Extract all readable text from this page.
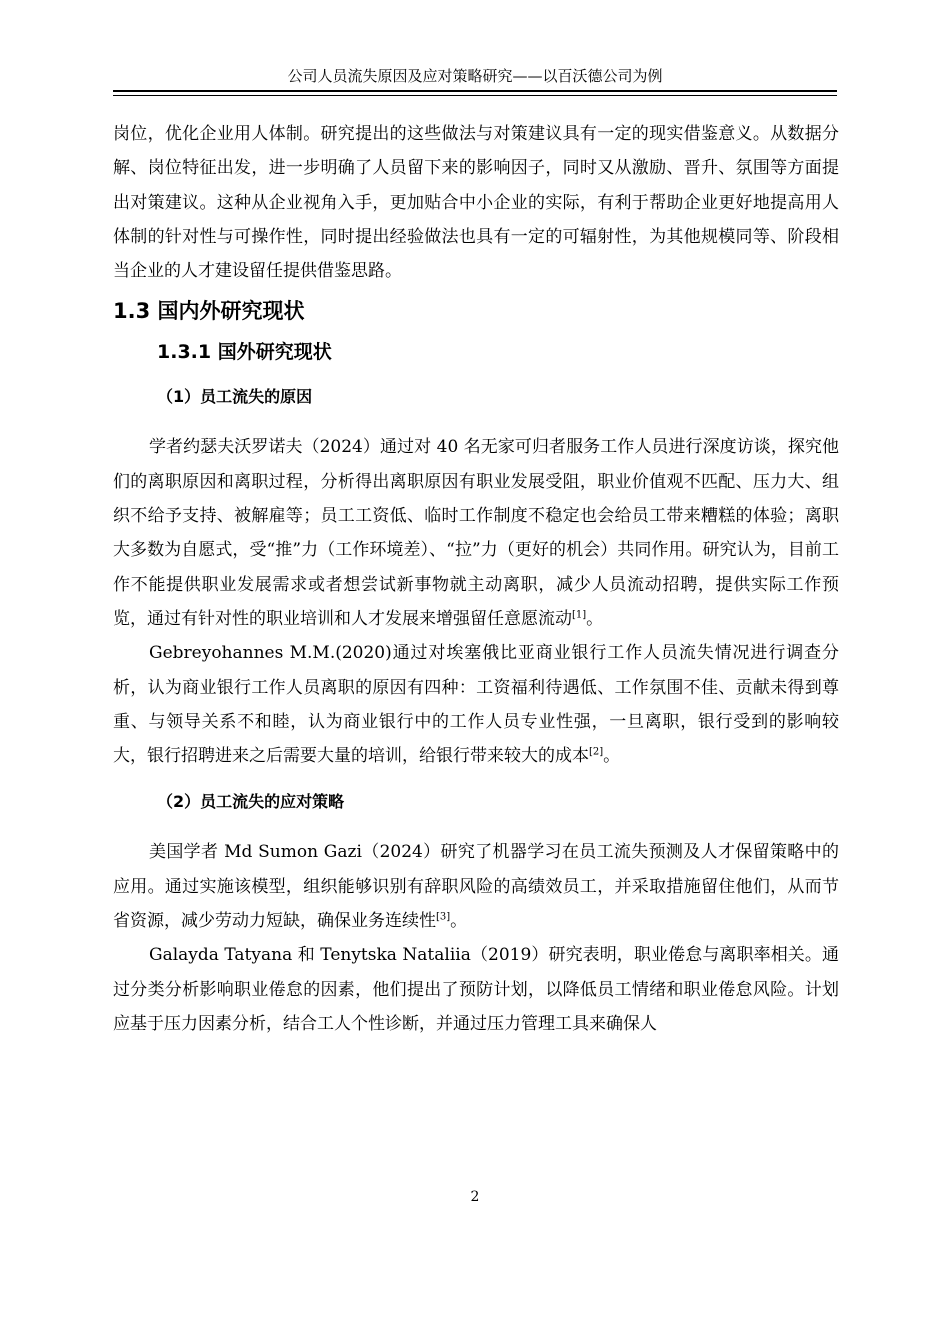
公司人员流失原因及应对策略研究——以百沃德公司为例

岗位，优化企业用人体制。研究提出的这些做法与对策建议具有一定的现实借鉴意义。从数据分解、岗位特征出发，进一步明确了人员留下来的影响因子，同时又从激励、晋升、氛围等方面提出对策建议。这种从企业视角入手，更加贴合中小企业的实际，有利于帮助企业更好地提高用人体制的针对性与可操作性，同时提出经验做法也具有一定的可辐射性，为其他规模同等、阶段相当企业的人才建设留任提供借鉴思路。

1.3 国内外研究现状
1.3.1 国外研究现状
（1）员工流失的原因

学者约瑟夫沃罗诺夫（2024）通过对 40 名无家可归者服务工作人员进行深度访谈，探究他们的离职原因和离职过程，分析得出离职原因有职业发展受阻，职业价值观不匹配、压力大、组织不给予支持、被解雇等；员工工资低、临时工作制度不稳定也会给员工带来糟糕的体验；离职大多数为自愿式，受“推”力（工作环境差）、“拉”力（更好的机会）共同作用。研究认为，目前工作不能提供职业发展需求或者想尝试新事物就主动离职，减少人员流动招聘，提供实际工作预览，通过有针对性的职业培训和人才发展来增强留任意愿流动[1]。

Gebreyohannes M.M.(2020)通过对埃塞俄比亚商业银行工作人员流失情况进行调查分析，认为商业银行工作人员离职的原因有四种：工资福利待遇低、工作氛围不佳、贡献未得到尊重、与领导关系不和睦，认为商业银行中的工作人员专业性强，一旦离职，银行受到的影响较大，银行招聘进来之后需要大量的培训，给银行带来较大的成本[2]。

（2）员工流失的应对策略

美国学者 Md Sumon Gazi（2024）研究了机器学习在员工流失预测及人才保留策略中的应用。通过实施该模型，组织能够识别有辞职风险的高绩效员工，并采取措施留住他们，从而节省资源，减少劳动力短缺，确保业务连续性[3]。

Galayda Tatyana 和 Tenytska Nataliia（2019）研究表明，职业倦怠与离职率相关。通过分类分析影响职业倦怠的因素，他们提出了预防计划，以降低员工情绪和职业倦怠风险。计划应基于压力因素分析，结合工人个性诊断，并通过压力管理工具来确保人

2
